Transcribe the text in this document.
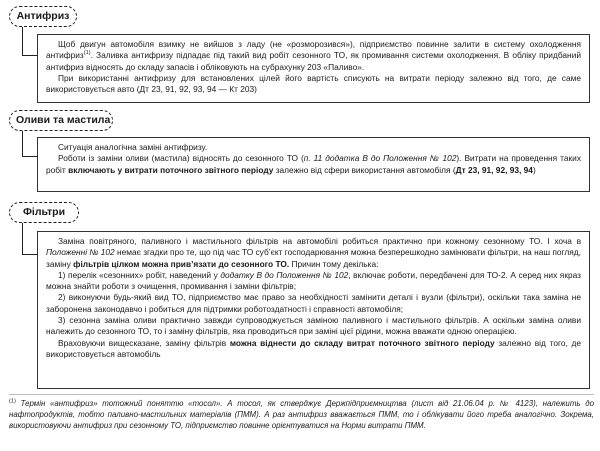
Антифриз

Щоб двигун автомобіля взимку не вийшов з ладу (не «розморозився»), підприємство повинне залити в систему охолодження антифриз$^{(1)}$. Заливка антифризу підпадає під такий вид робіт сезонного ТО, як промивання системи охолодження. В обліку придбаний антифриз відносять до складу запасів і обліковують на субрахунку 203 «Паливо».

При використанні антифризу для встановлених цілей його вартість списують на витрати періоду залежно від того, де саме використовується авто (Дт 23, 91, 92, 93, 94 — Кт 203)

Оливи та мастила

Ситуація аналогічна заміні антифризу.

Роботи із заміни оливи (мастила) відносять до сезонного ТО (п. 11 додатка В до Положення № 102). Витрати на проведення таких робіт включають у витрати поточного звітного періоду залежно від сфери використання автомобіля (Дт 23, 91, 92, 93, 94)

Фільтри

Заміна повітряного, паливного і мастильного фільтрів на автомобілі робиться практично при кожному сезонному ТО. І хоча в Положенні № 102 немає згадки про те, що під час ТО суб’єкт господарювання можна безперешкодно замінювати фільтри, на наш погляд, заміну фільтрів цілком можна прив’язати до сезонного ТО. Причин тому декілька:

1) перелік «сезонних» робіт, наведений у додатку В до Положення № 102, включає роботи, передбачені для ТО-2. А серед них якраз можна знайти роботи з очищення, промивання і заміни фільтрів;

2) виконуючи будь-який вид ТО, підприємство має право за необхідності замінити деталі і вузли (фільтри), оскільки така заміна не заборонена законодавчо і робиться для підтримки роботоздатності і справності автомобіля;

3) сезонна заміна оливи практично завжди супроводжується заміною паливного і мастильного фільтрів. А оскільки заміна оливи належить до сезонного ТО, то і заміну фільтрів, яка проводиться при заміні цієї рідини, можна вважати одною операцією.

Враховуючи вищесказане, заміну фільтрів можна віднести до складу витрат поточного звітного періоду залежно від того, де використовується автомобіль

$^{(1)}$ Термін «антифриз» тотожний поняттю «тосол». А тосол, як стверджує Держпідприємництва (лист від 21.06.04 р. № 4123), належить до нафтопродуктів, тобто паливно-мастильних матеріалів (ПММ). А раз антифриз вважається ПММ, то і облікувати його треба аналогічно. Зокрема, використовуючи антифриз при сезонному ТО, підприємство повинне орієнтуватися на Норми витрати ПММ.
